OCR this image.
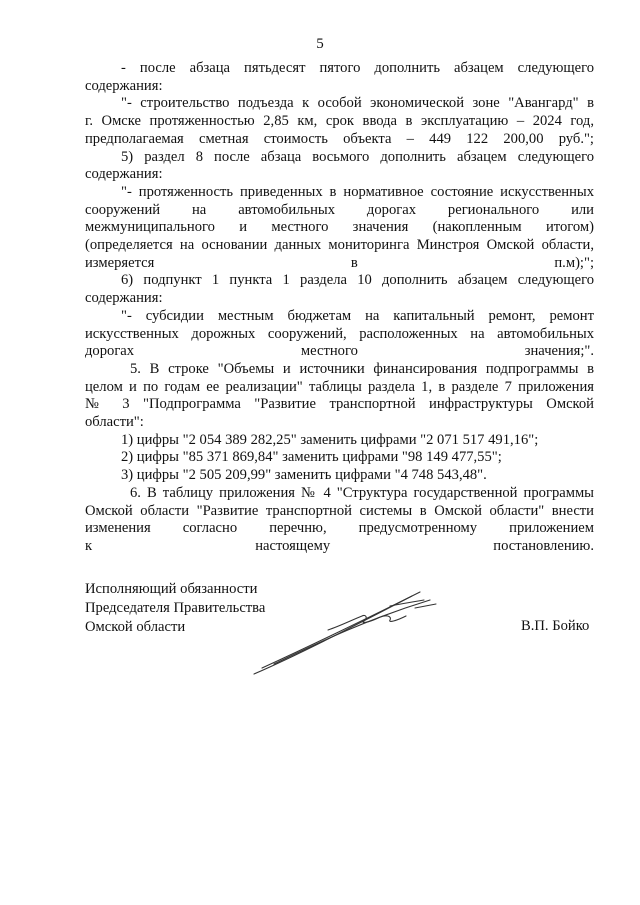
5

- после абзаца пятьдесят пятого дополнить абзацем следующего
содержания:

"- строительство подъезда к особой экономической зоне "Авангард" в
г. Омске протяженностью 2,85 км, срок ввода в эксплуатацию – 2024 год,
предполагаемая сметная стоимость объекта – 449 122 200,00 руб.";

5) раздел 8 после абзаца восьмого дополнить абзацем следующего
содержания:

"- протяженность приведенных в нормативное состояние искусственных
сооружений на автомобильных дорогах регионального или
межмуниципального и местного значения (накопленным итогом)
(определяется на основании данных мониторинга Минстроя Омской области,
измеряется в п.м);";

6) подпункт 1 пункта 1 раздела 10 дополнить абзацем следующего
содержания:

"- субсидии местным бюджетам на капитальный ремонт, ремонт
искусственных дорожных сооружений, расположенных на автомобильных
дорогах местного значения;".

5. В строке "Объемы и источники финансирования подпрограммы в
целом и по годам ее реализации" таблицы раздела 1, в разделе 7 приложения
№ 3 "Подпрограмма "Развитие транспортной инфраструктуры Омской
области":

1) цифры "2 054 389 282,25" заменить цифрами "2 071 517 491,16";

2) цифры "85 371 869,84" заменить цифрами "98 149 477,55";

3) цифры "2 505 209,99" заменить цифрами "4 748 543,48".

6. В таблицу приложения № 4 "Структура государственной программы
Омской области "Развитие транспортной системы в Омской области" внести
изменения согласно перечню, предусмотренному приложением
к настоящему постановлению.

Исполняющий обязанности
Председателя Правительства
Омской области	В.П. Бойко
